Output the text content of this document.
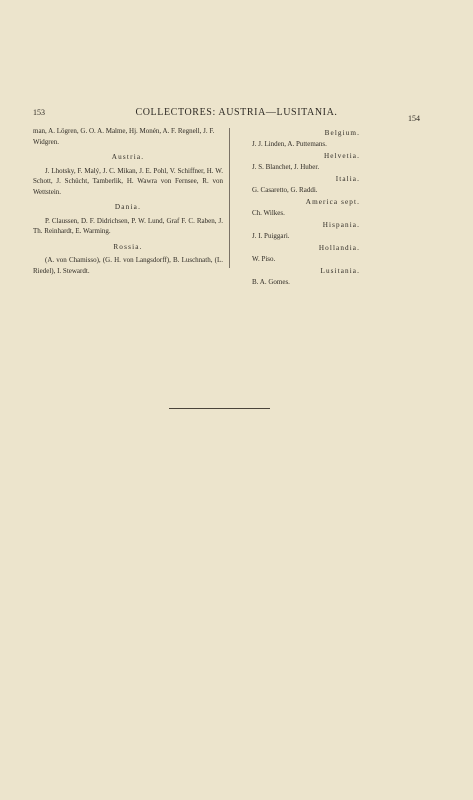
153	COLLECTORES: AUSTRIA—LUSITANIA.
154
man, A. Lögren, G. O. A. Malme, Hj. Monén, A. F. Regnell, J. F. Widgren.
Austria.
J. Lhotsky, F. Malý, J. C. Mikan, J. E. Pohl, V. Schiffner, H. W. Schott, J. Schücht, Tamberlik, H. Wawra von Fernsee, R. von Wettstein.
Dania.
P. Claussen, D. F. Didrichsen, P. W. Lund, Graf F. C. Raben, J. Th. Reinhardt, E. Warming.
Rossia.
(A. von Chamisso), (G. H. von Langsdorff), B. Luschnath, (L. Riedel), I. Stewardt.
Belgium.
J. J. Linden, A. Puttemans.
Helvetia.
J. S. Blanchet, J. Huber.
Italia.
G. Casaretto, G. Raddi.
America sept.
Ch. Wilkes.
Hispania.
J. I. Puiggari.
Hollandia.
W. Piso.
Lusitania.
B. A. Gomes.
